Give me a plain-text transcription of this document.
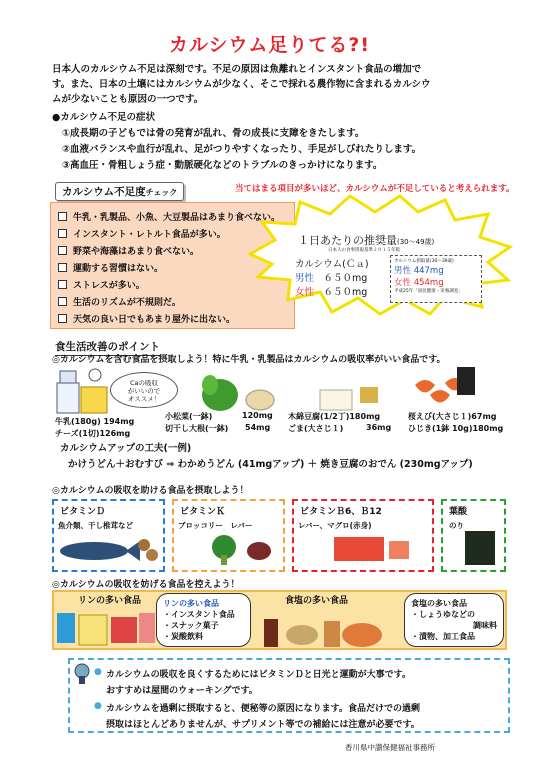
カルシウム足りてる?!
日本人のカルシウム不足は深刻です。不足の原因は魚離れとインスタント食品の増加で
す。また、日本の土壌にはカルシウムが少なく、そこで採れる農作物に含まれるカルシウ
ムが少ないことも原因の一つです。
●カルシウム不足の症状
①成長期の子どもでは骨の発育が乱れ、骨の成長に支障をきたします。
②血液バランスや血行が乱れ、足がつりやすくなったり、手足がしびれたりします。
③高血圧・骨粗しょう症・動脈硬化などのトラブルのきっかけになります。
カルシウム不足度チェック	当てはまる項目が多いほど、カルシウムが不足していると考えられます。
牛乳・乳製品、小魚、大豆製品はあまり食べない。
インスタント・レトルト食品が多い。
野菜や海藻はあまり食べない。
運動する習慣はない。
ストレスが多い。
生活のリズムが不規則だ。
天気の良い日でもあまり屋外に出ない。
１日あたりの推奨量(30～49歳)
日本人の食事摂取基準２０１５年版
カルシウム(Ｃａ)
男性　 ６５０mg
女性　 ６５０mg
カルシウム摂取量(30～39歳)
男性 447mg
女性 454mg
平成25年「国民健康・栄養調査」
食生活改善のポイント
◎カルシウムを含む食品を摂取しよう！特に牛乳・乳製品はカルシウムの吸収率がいい食品です。
Caの吸収
がいいので
オススメ！
牛乳(180g) 194mg
チーズ(1切)126mg
小松菜(一鉢)	120mg
切干し大根(一鉢) 54mg
木綿豆腐(1/2丁)180mg
ごま(大さじ１)	36mg
桜えび(大さじ１)67mg
ひじき(1鉢 10g)180mg
カルシウムアップの工夫(一例)
かけうどん＋おむすび ⇒ わかめうどん (41mgアップ) ＋ 焼き豆腐のおでん (230mgアップ)
◎カルシウムの吸収を助ける食品を摂取しよう！
ビタミンＤ
魚介類、干し椎茸など
ビタミンＫ
ブロッコリー　レバー
ビタミンＢ6、Ｂ12
レバー、マグロ(赤身)
葉酸
のり
◎カルシウムの吸収を妨げる食品を控えよう！
リンの多い食品	リンの多い食品
・インスタント食品
・スナック菓子
・炭酸飲料
食塩の多い食品	食塩の多い食品
・しょうゆなどの
調味料
・漬物、加工食品
● カルシウムの吸収を良くするためにはビタミンＤと日光と運動が大事です。
おすすめは屋間のウォーキングです。
● カルシウムを過剰に摂取すると、便秘等の原因になります。食品だけでの過剰
摂取はほとんどありませんが、サプリメント等での補給には注意が必要です。
香川県中讃保健福祉事務所
